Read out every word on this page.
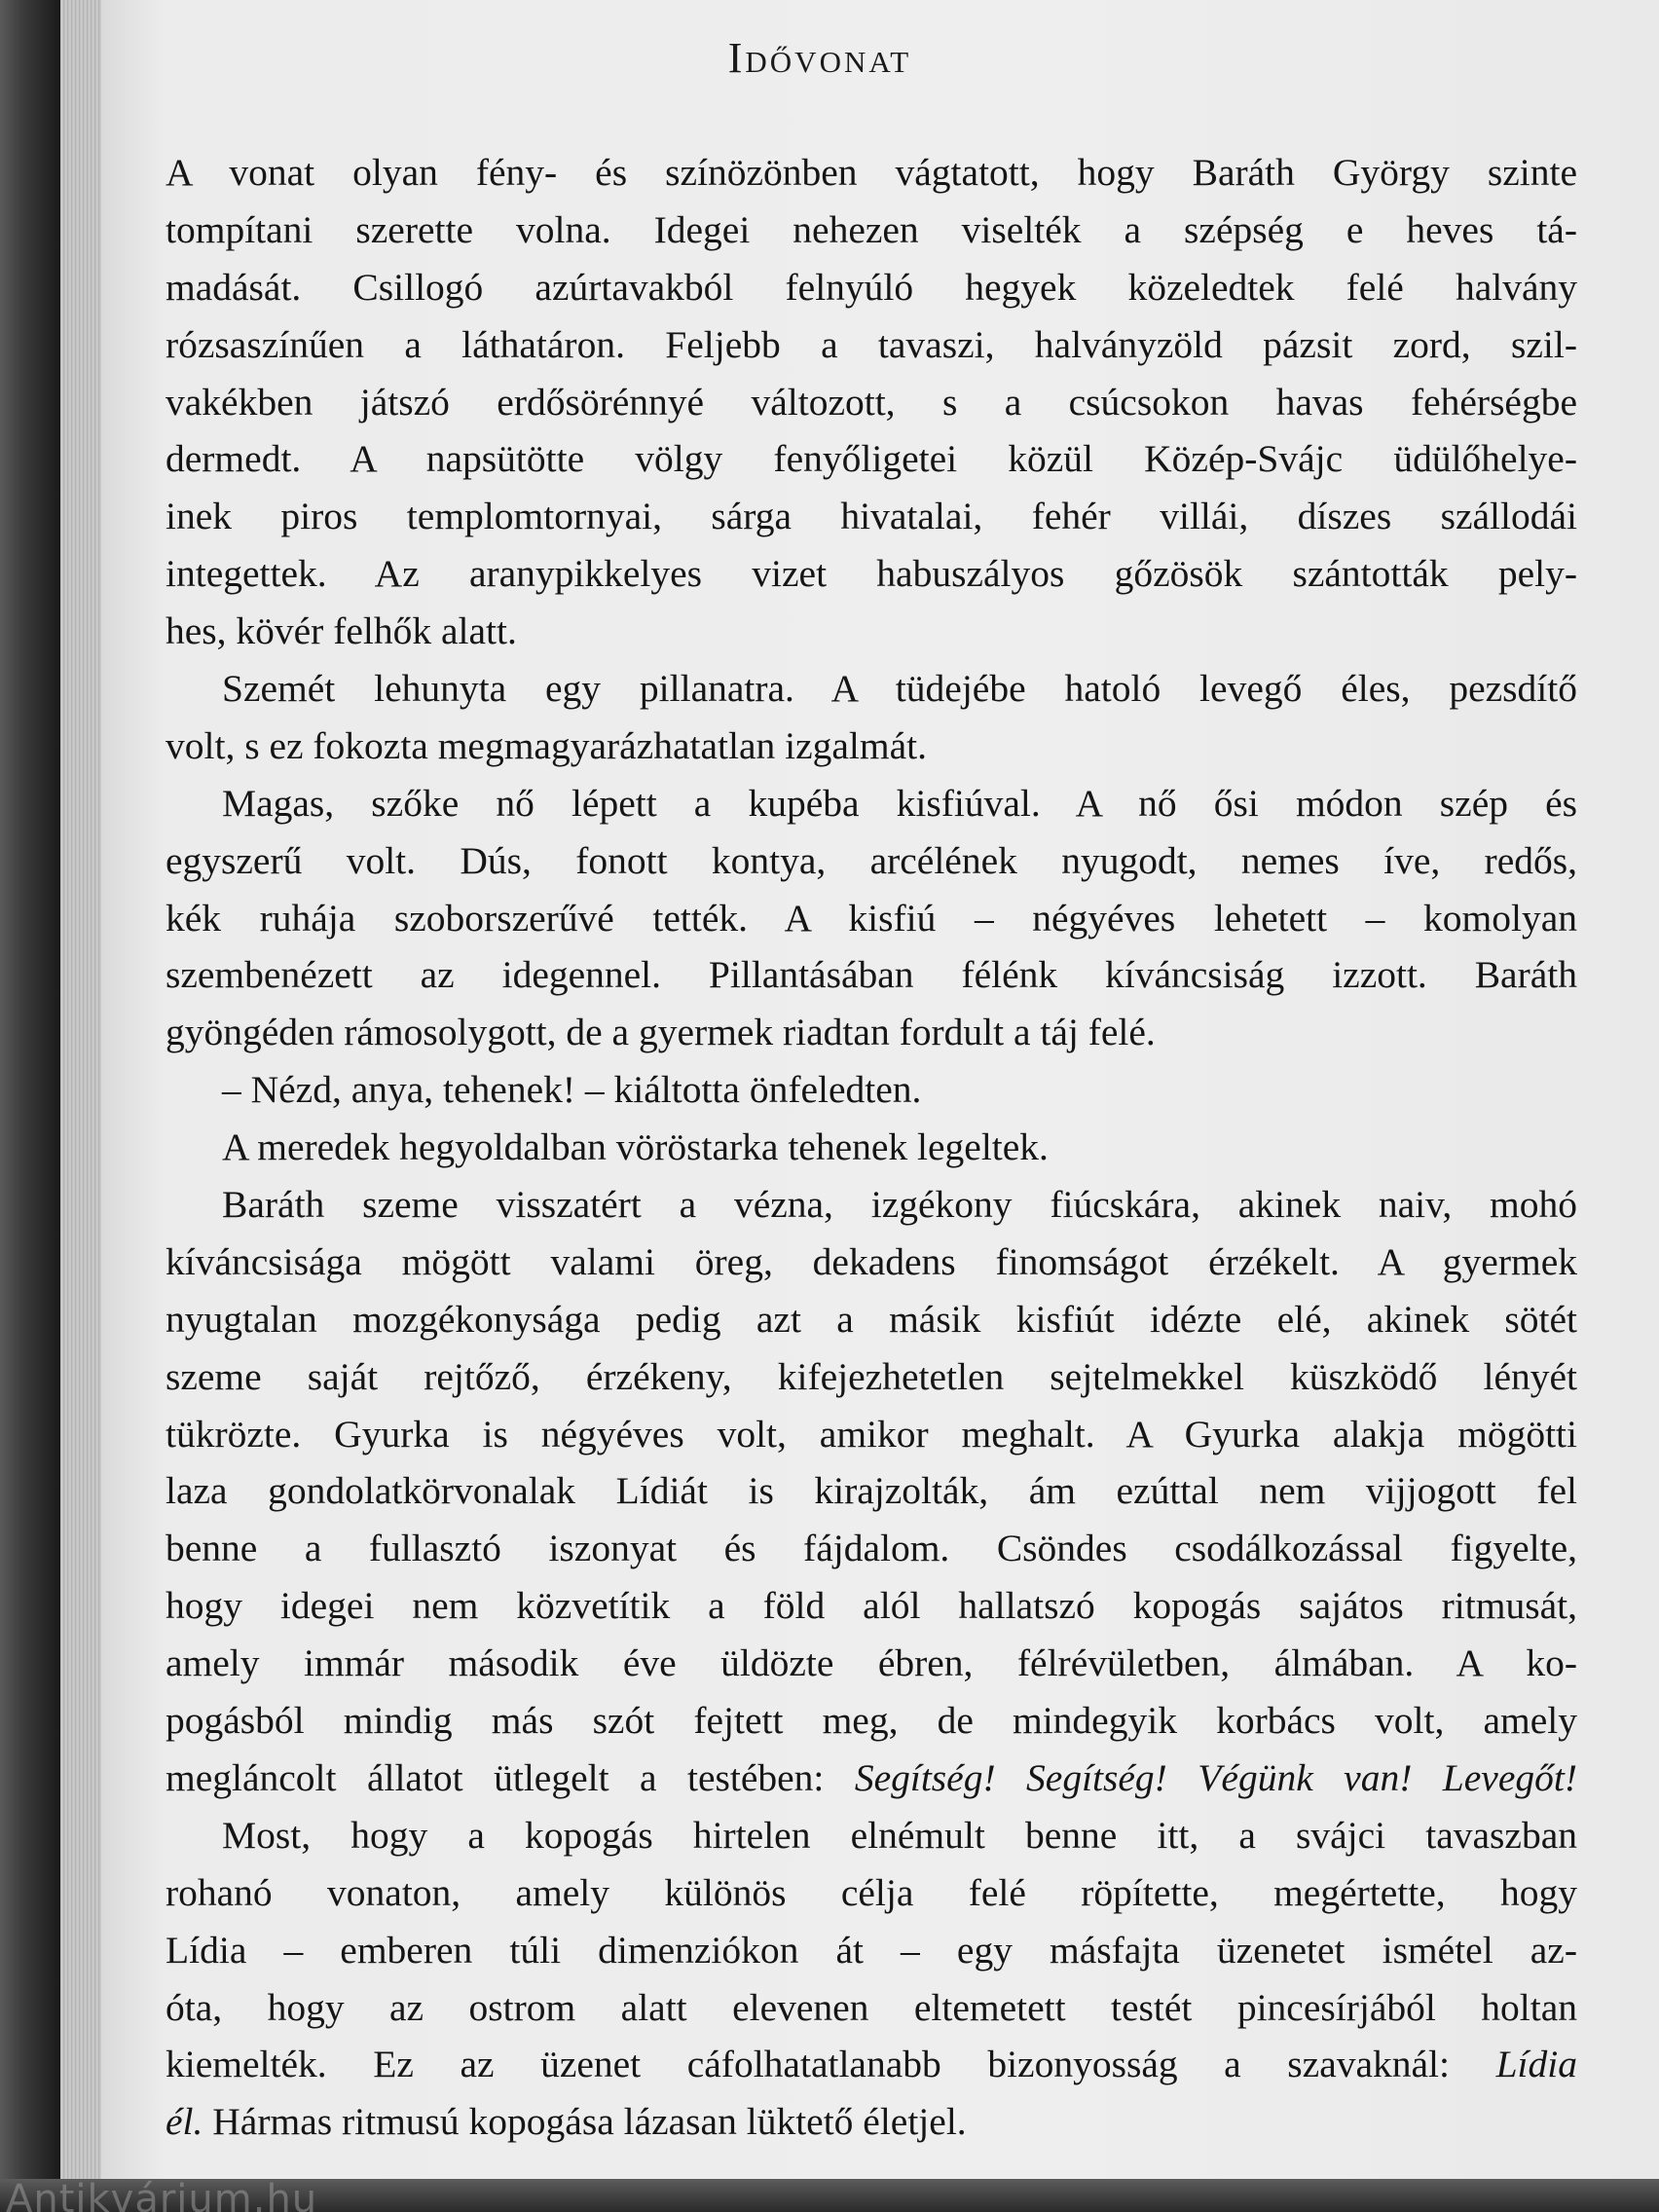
Idővonat
A vonat olyan fény- és színözönben vágtatott, hogy Baráth György szinte
tompítani szerette volna. Idegei nehezen viselték a szépség e heves tá-
madását. Csillogó azúrtavakból felnyúló hegyek közeledtek felé halvány
rózsaszínűen a láthatáron. Feljebb a tavaszi, halványzöld pázsit zord, szil-
vakékben játszó erdősörénnyé változott, s a csúcsokon havas fehérségbe
dermedt. A napsütötte völgy fenyőligetei közül Közép-Svájc üdülőhelye-
inek piros templomtornyai, sárga hivatalai, fehér villái, díszes szállodái
integettek. Az aranypikkelyes vizet habuszályos gőzösök szántották pely-
hes, kövér felhők alatt.
Szemét lehunyta egy pillanatra. A tüdejébe hatoló levegő éles, pezsdítő
volt, s ez fokozta megmagyarázhatatlan izgalmát.
Magas, szőke nő lépett a kupéba kisfiúval. A nő ősi módon szép és
egyszerű volt. Dús, fonott kontya, arcélének nyugodt, nemes íve, redős,
kék ruhája szoborszerűvé tették. A kisfiú – négyéves lehetett – komolyan
szembenézett az idegennel. Pillantásában félénk kíváncsiság izzott. Baráth
gyöngéden rámosolygott, de a gyermek riadtan fordult a táj felé.
– Nézd, anya, tehenek! – kiáltotta önfeledten.
A meredek hegyoldalban vöröstarka tehenek legeltek.
Baráth szeme visszatért a vézna, izgékony fiúcskára, akinek naiv, mohó
kíváncsisága mögött valami öreg, dekadens finomságot érzékelt. A gyermek
nyugtalan mozgékonysága pedig azt a másik kisfiút idézte elé, akinek sötét
szeme saját rejtőző, érzékeny, kifejezhetetlen sejtelmekkel küszködő lényét
tükrözte. Gyurka is négyéves volt, amikor meghalt. A Gyurka alakja mögötti
laza gondolatkörvonalak Lídiát is kirajzolták, ám ezúttal nem vijjogott fel
benne a fullasztó iszonyat és fájdalom. Csöndes csodálkozással figyelte,
hogy idegei nem közvetítik a föld alól hallatszó kopogás sajátos ritmusát,
amely immár második éve üldözte ébren, félrévületben, álmában. A ko-
pogásból mindig más szót fejtett meg, de mindegyik korbács volt, amely
megláncolt állatot ütlegelt a testében: Segítség! Segítség! Végünk van! Levegőt!
Most, hogy a kopogás hirtelen elnémult benne itt, a svájci tavaszban
rohanó vonaton, amely különös célja felé röpítette, megértette, hogy
Lídia – emberen túli dimenziókon át – egy másfajta üzenetet ismétel az-
óta, hogy az ostrom alatt elevenen eltemetett testét pincesírjából holtan
kiemelték. Ez az üzenet cáfolhatatlanabb bizonyosság a szavaknál: Lídia
él. Hármas ritmusú kopogása lázasan lüktető életjel.
Antikvárium.hu
